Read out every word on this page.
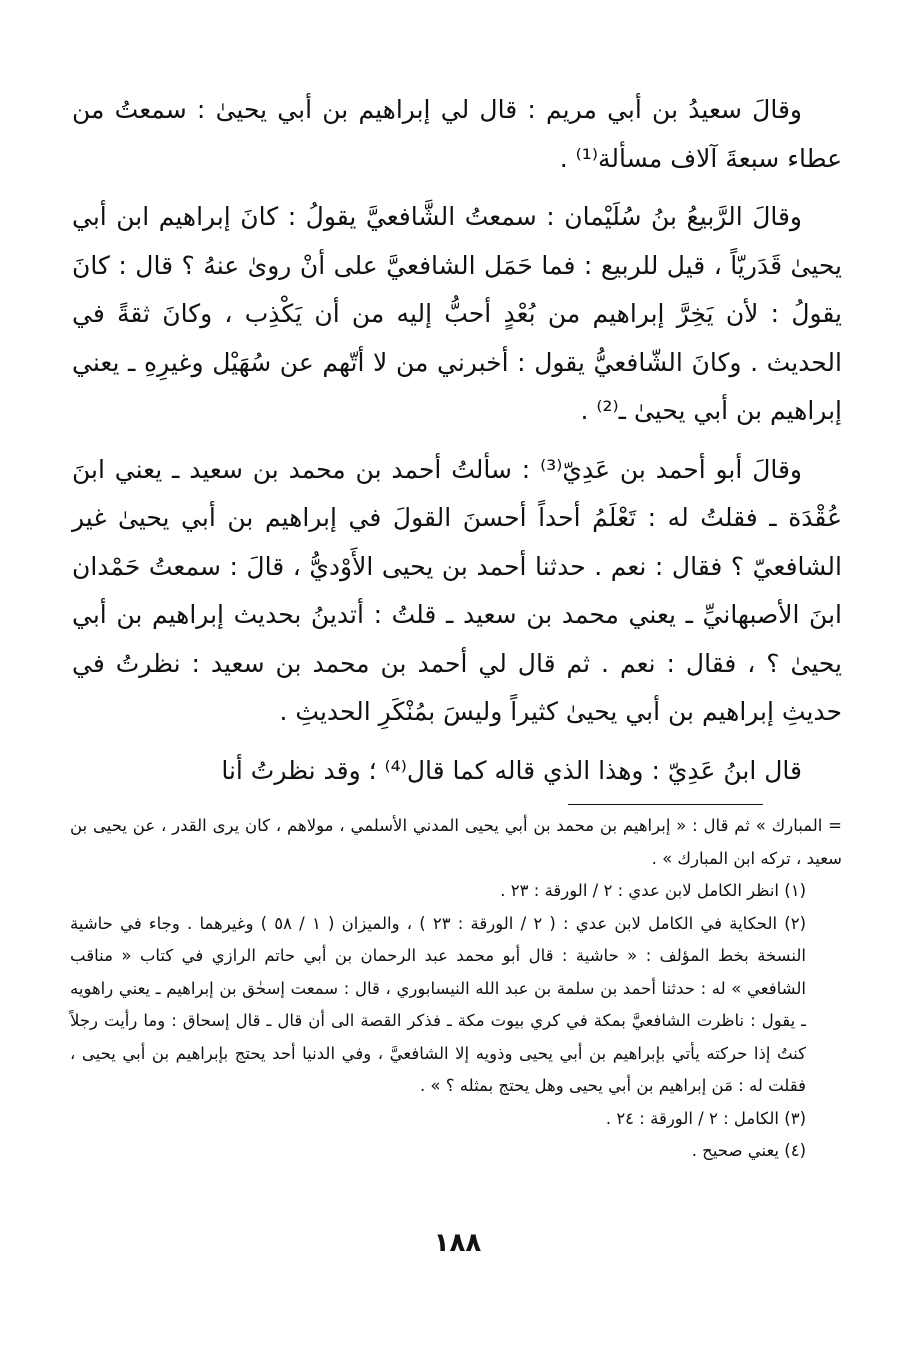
وقالَ سعيدُ بن أبي مريم : قال لي إبراهيم بن أبي يحيىٰ : سمعتُ من عطاء سبعةَ آلاف مسألة⁽¹⁾ .

وقالَ الرَّبيعُ بنُ سُلَيْمان : سمعتُ الشَّافعيَّ يقولُ : كانَ إبراهيم ابن أبي يحيىٰ قَدَريّاً ، قيل للربيع : فما حَمَل الشافعيَّ على أنْ روىٰ عنهُ ؟ قال : كانَ يقولُ : لأن يَخِرَّ إبراهيم من بُعْدٍ أحبُّ إليه من أن يَكْذِب ، وكانَ ثقةً في الحديث . وكانَ الشّافعيُّ يقول : أخبرني من لا أتّهم عن سُهَيْل وغيرِهِ ـ يعني إبراهيم بن أبي يحيىٰ ـ⁽²⁾ .

وقالَ أبو أحمد بن عَدِيّ⁽³⁾ : سألتُ أحمد بن محمد بن سعيد ـ يعني ابنَ عُقْدَة ـ فقلتُ له : تَعْلَمُ أحداً أحسنَ القولَ في إبراهيم بن أبي يحيىٰ غير الشافعيّ ؟ فقال : نعم . حدثنا أحمد بن يحيى الأَوْديُّ ، قالَ : سمعتُ حَمْدان ابنَ الأصبهانيِّ ـ يعني محمد بن سعيد ـ قلتُ : أتدينُ بحديث إبراهيم بن أبي يحيىٰ ؟ ، فقال : نعم . ثم قال لي أحمد بن محمد بن سعيد : نظرتُ في حديثِ إبراهيم بن أبي يحيىٰ كثيراً وليسَ بمُنْكَرِ الحديثِ .

قال ابنُ عَدِيّ : وهذا الذي قاله كما قال⁽⁴⁾ ؛ وقد نظرتُ أنا

= المبارك » ثم قال : « إبراهيم بن محمد بن أبي يحيى المدني الأسلمي ، مولاهم ، كان يرى القدر ، عن يحيى بن سعيد ، تركه ابن المبارك » .

(١) انظر الكامل لابن عدي : ٢ / الورقة : ٢٣ .

(٢) الحكاية في الكامل لابن عدي : ( ٢ / الورقة : ٢٣ ) ، والميزان ( ١ / ٥٨ ) وغيرهما . وجاء في حاشية النسخة بخط المؤلف : « حاشية : قال أبو محمد عبد الرحمان بن أبي حاتم الرازي في كتاب « مناقب الشافعي » له : حدثنا أحمد بن سلمة بن عبد الله النيسابوري ، قال : سمعت إسحٰق بن إبراهيم ـ يعني راهويه ـ يقول : ناظرت الشافعيَّ بمكة في كري بيوت مكة ـ فذكر القصة الى أن قال ـ قال إسحاق : وما رأيت رجلاً كنتُ إذا حركته يأتي بإبراهيم بن أبي يحيى وذويه إلا الشافعيَّ ، وفي الدنيا أحد يحتج بإبراهيم بن أبي يحيى ، فقلت له : مَن إبراهيم بن أبي يحيى وهل يحتج بمثله ؟ » .

(٣) الكامل : ٢ / الورقة : ٢٤ .

(٤) يعني صحيح .

١٨٨
